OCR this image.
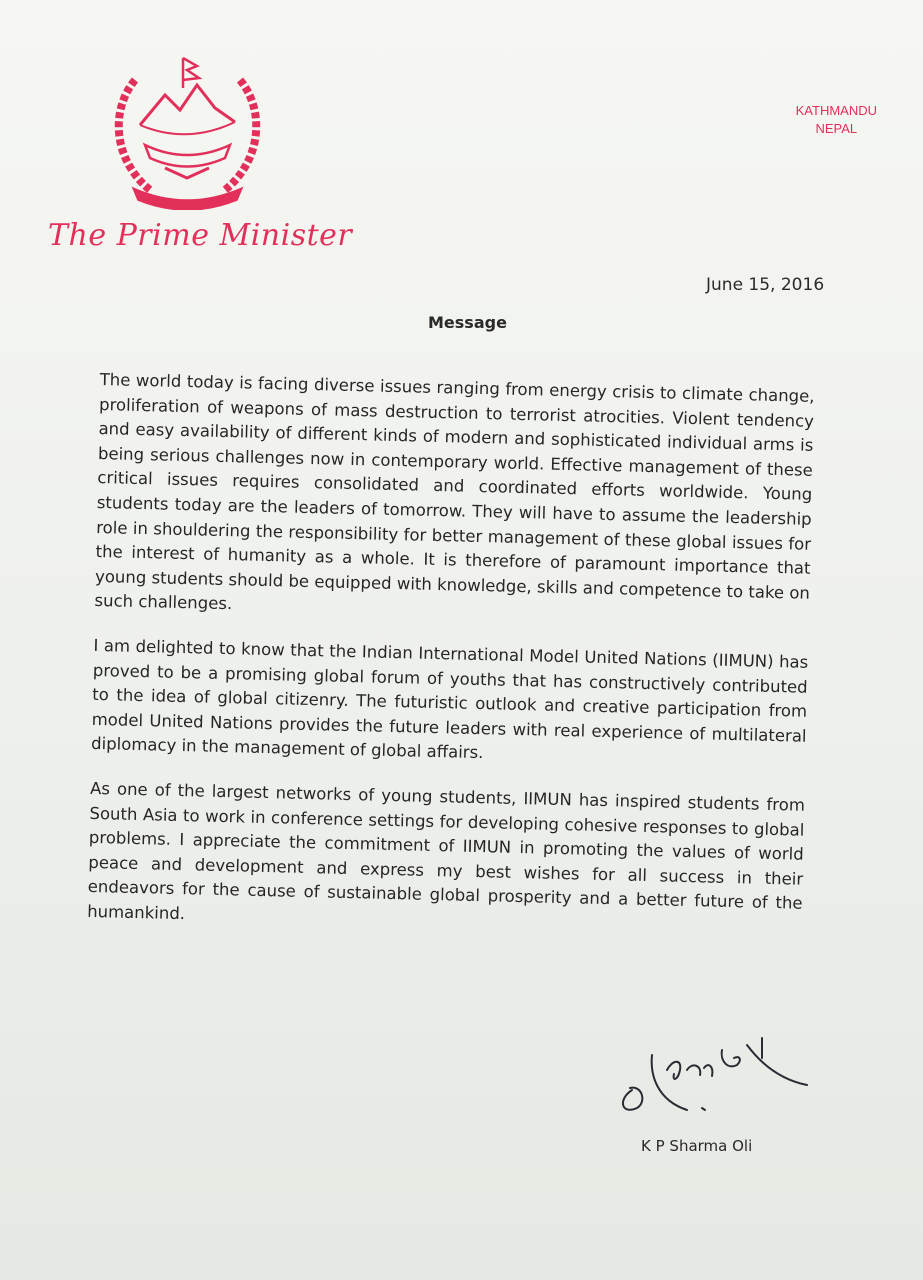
The Prime Minister
KATHMANDU
NEPAL
June 15, 2016
Message

The world today is facing diverse issues ranging from energy crisis to climate change, proliferation of weapons of mass destruction to terrorist atrocities. Violent tendency and easy availability of different kinds of modern and sophisticated individual arms is being serious challenges now in contemporary world. Effective management of these critical issues requires consolidated and coordinated efforts worldwide. Young students today are the leaders of tomorrow. They will have to assume the leadership role in shouldering the responsibility for better management of these global issues for the interest of humanity as a whole. It is therefore of paramount importance that young students should be equipped with knowledge, skills and competence to take on such challenges.

I am delighted to know that the Indian International Model United Nations (IIMUN) has proved to be a promising global forum of youths that has constructively contributed to the idea of global citizenry. The futuristic outlook and creative participation from model United Nations provides the future leaders with real experience of multilateral diplomacy in the management of global affairs.

As one of the largest networks of young students, IIMUN has inspired students from South Asia to work in conference settings for developing cohesive responses to global problems. I appreciate the commitment of IIMUN in promoting the values of world peace and development and express my best wishes for all success in their endeavors for the cause of sustainable global prosperity and a better future of the humankind.

K P Sharma Oli
